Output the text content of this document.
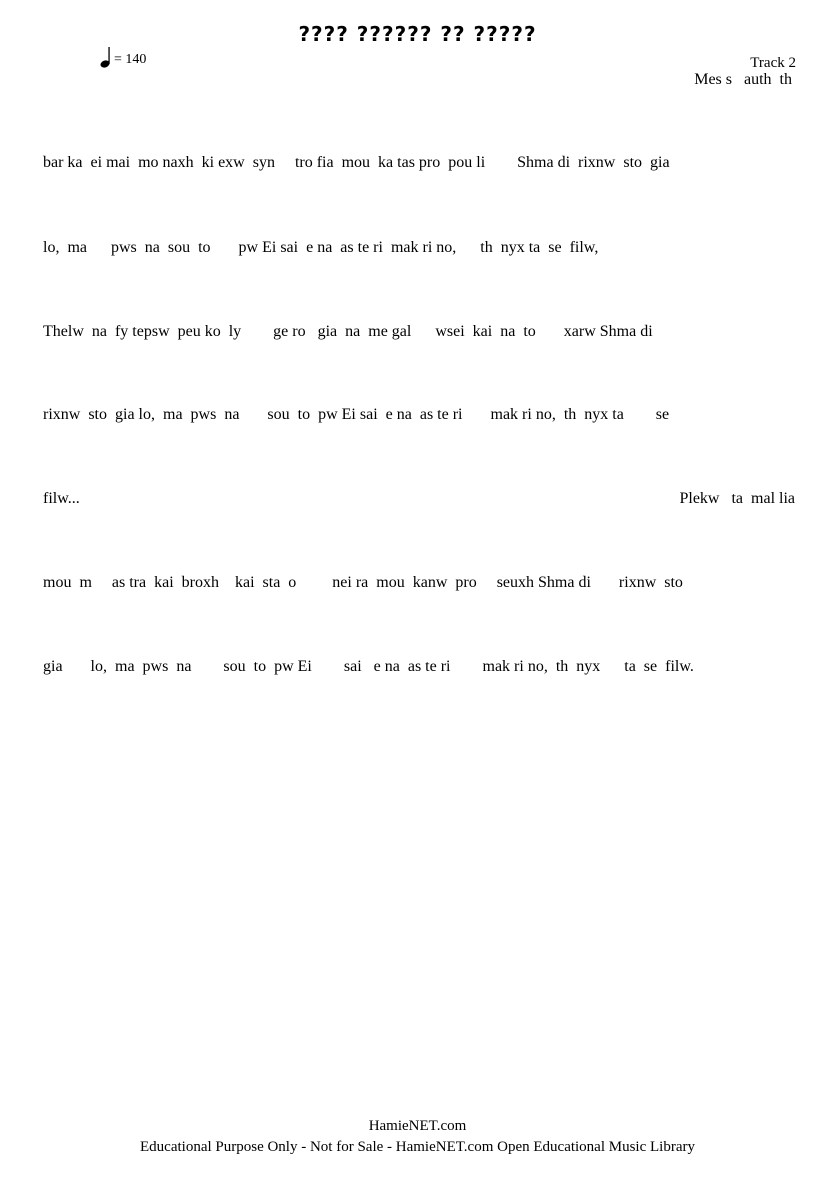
???? ?????? ?? ?????
= 140	Track 2
Mes s   auth  th
bar ka  ei mai  mo naxh  ki exw  syn     tro fia  mou  ka tas pro  pou li        Shma di  rixnw  sto  gia
lo,  ma      pws  na  sou  to       pw Ei sai  e na  as te ri  mak ri no,      th  nyx ta  se  filw,
Thelw  na  fy tepsw  peu ko  ly        ge ro   gia  na  me gal      wsei  kai  na  to       xarw Shma di
rixnw  sto  gia lo,  ma  pws  na       sou  to  pw Ei sai  e na  as te ri       mak ri no,  th  nyx ta        se
filw...	Plekw   ta  mal lia
mou  m     as tra  kai  broxh    kai  sta  o         nei ra  mou  kanw  pro     seuxh Shma di       rixnw  sto
gia       lo,  ma  pws  na        sou  to  pw Ei        sai   e na  as te ri        mak ri no,  th  nyx      ta  se  filw.
HamieNET.com
Educational Purpose Only - Not for Sale - HamieNET.com Open Educational Music Library
